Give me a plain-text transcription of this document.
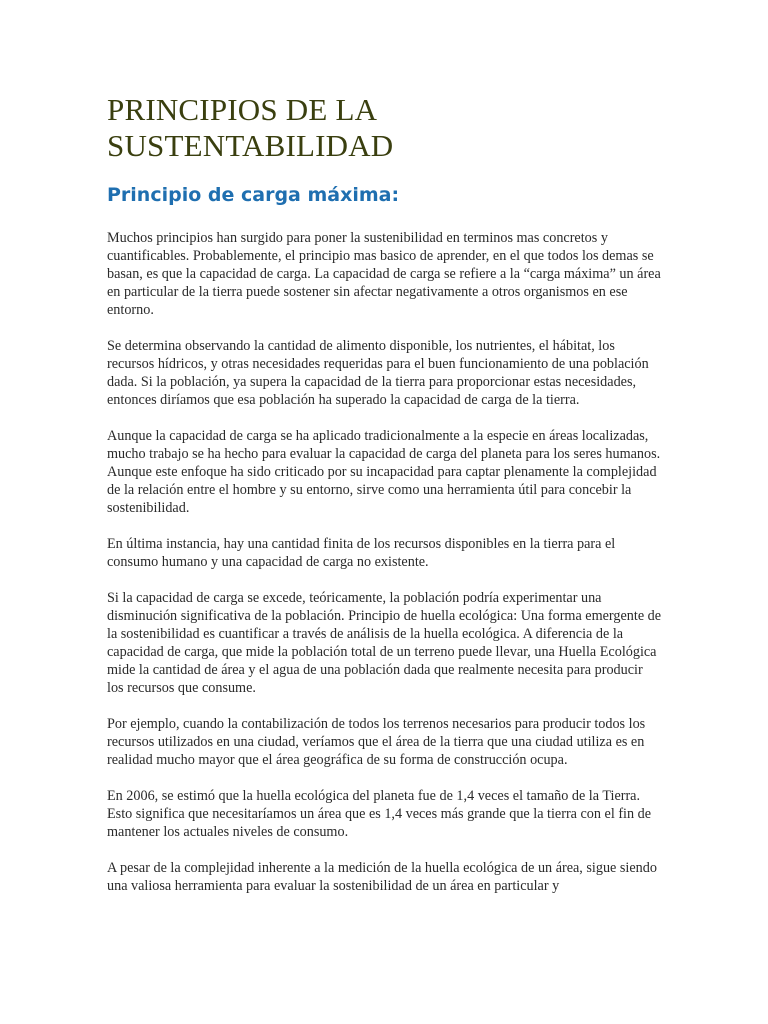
PRINCIPIOS DE LA
SUSTENTABILIDAD
Principio de carga máxima:

Muchos principios han surgido para poner la sustenibilidad en terminos mas concretos y cuantificables. Probablemente, el principio mas basico de aprender, en el que todos los demas se basan, es que la capacidad de carga. La capacidad de carga se refiere a la “carga máxima” un área en particular de la tierra puede sostener sin afectar negativamente a otros organismos en ese entorno.

Se determina observando la cantidad de alimento disponible, los nutrientes, el hábitat, los recursos hídricos, y otras necesidades requeridas para el buen funcionamiento de una población dada. Si la población, ya supera la capacidad de la tierra para proporcionar estas necesidades, entonces diríamos que esa población ha superado la capacidad de carga de la tierra.

Aunque la capacidad de carga se ha aplicado tradicionalmente a la especie en áreas localizadas, mucho trabajo se ha hecho para evaluar la capacidad de carga del planeta para los seres humanos. Aunque este enfoque ha sido criticado por su incapacidad para captar plenamente la complejidad de la relación entre el hombre y su entorno, sirve como una herramienta útil para concebir la sostenibilidad.

En última instancia, hay una cantidad finita de los recursos disponibles en la tierra para el consumo humano y una capacidad de carga no existente.

Si la capacidad de carga se excede, teóricamente, la población podría experimentar una disminución significativa de la población. Principio de huella ecológica: Una forma emergente de la sostenibilidad es cuantificar a través de análisis de la huella ecológica. A diferencia de la capacidad de carga, que mide la población total de un terreno puede llevar, una Huella Ecológica mide la cantidad de área y el agua de una población dada que realmente necesita para producir los recursos que consume.

Por ejemplo, cuando la contabilización de todos los terrenos necesarios para producir todos los recursos utilizados en una ciudad, veríamos que el área de la tierra que una ciudad utiliza es en realidad mucho mayor que el área geográfica de su forma de construcción ocupa.

En 2006, se estimó que la huella ecológica del planeta fue de 1,4 veces el tamaño de la Tierra. Esto significa que necesitaríamos un área que es 1,4 veces más grande que la tierra con el fin de mantener los actuales niveles de consumo.

A pesar de la complejidad inherente a la medición de la huella ecológica de un área, sigue siendo una valiosa herramienta para evaluar la sostenibilidad de un área en particular y
